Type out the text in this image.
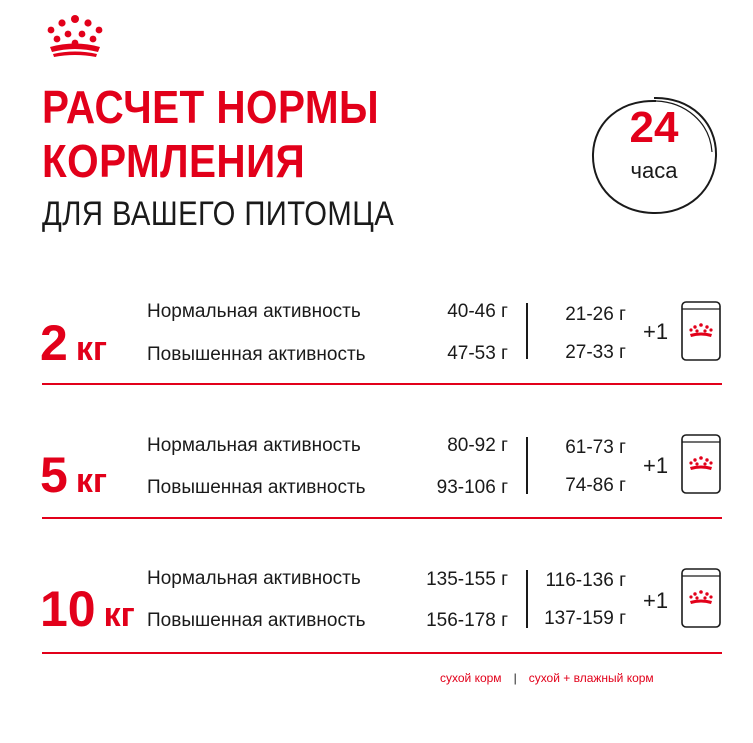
РАСЧЕТ НОРМЫ
КОРМЛЕНИЯ
ДЛЯ ВАШЕГО ПИТОМЦА
24
часа
2 кг
Нормальная активность	40-46 г	21-26 г
Повышенная активность	47-53 г	27-33 г
+1
5 кг
Нормальная активность	80-92 г	61-73 г
Повышенная активность	93-106 г	74-86 г
+1
10 кг
Нормальная активность	135-155 г	116-136 г
Повышенная активность	156-178 г	137-159 г
+1
сухой корм | сухой + влажный корм
